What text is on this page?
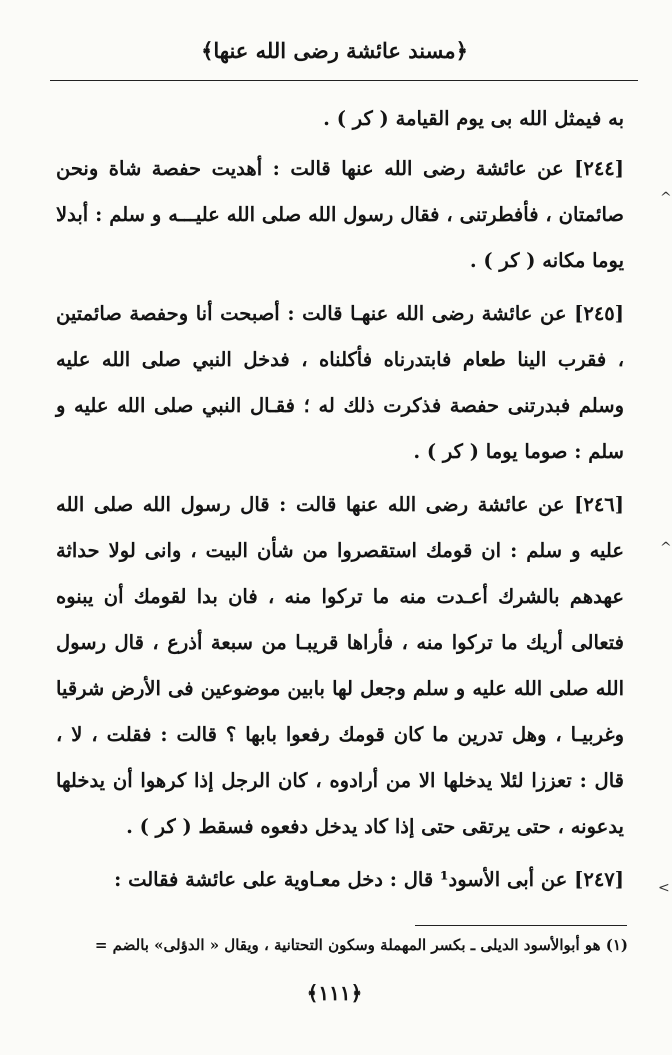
﴿مسند عائشة رضى الله عنها﴾

به فيمثل الله بى يوم القيامة ( كر ) .

[٢٤٤] عن عائشة رضى الله عنها قالت : أهديت حفصة شاة ونحن صائمتان ، فأفطرتنى ، فقال رسول الله صلى الله عليـــه و سلم : أبدلا يوما مكانه ( كر ) .

[٢٤٥] عن عائشة رضى الله عنهـا قالت : أصبحت أنا وحفصة صائمتين ، فقرب الينا طعام فابتدرناه فأكلناه ، فدخل النبي صلى الله عليه وسلم فبدرتنى حفصة فذكرت ذلك له ؛ فقـال النبي صلى الله عليه و سلم : صوما يوما ( كر ) .

[٢٤٦] عن عائشة رضى الله عنها قالت : قال رسول الله صلى الله عليه و سلم : ان قومك استقصروا من شأن البيت ، وانى لولا حداثة عهدهم بالشرك أعـدت منه ما تركوا منه ، فان بدا لقومك أن يبنوه فتعالى أريك ما تركوا منه ، فأراها قريبـا من سبعة أذرع ، قال رسول الله صلى الله عليه و سلم وجعل لها بابين موضوعين فى الأرض شرقيا وغربيـا ، وهل تدرين ما كان قومك رفعوا بابها ؟ قالت : فقلت ، لا ، قال : تعززا لئلا يدخلها الا من أرادوه ، كان الرجل إذا كرهوا أن يدخلها يدعونه ، حتى يرتقى حتى إذا كاد يدخل دفعوه فسقط ( كر ) .

[٢٤٧] عن أبى الأسود¹ قال : دخل معـاوية على عائشة فقالت :

(١) هو أبوالأسود الديلى ـ بكسر المهملة وسكون التحتانية ، ويقال « الدؤلى» بالضم =
﴿١١١﴾
^
^
<
